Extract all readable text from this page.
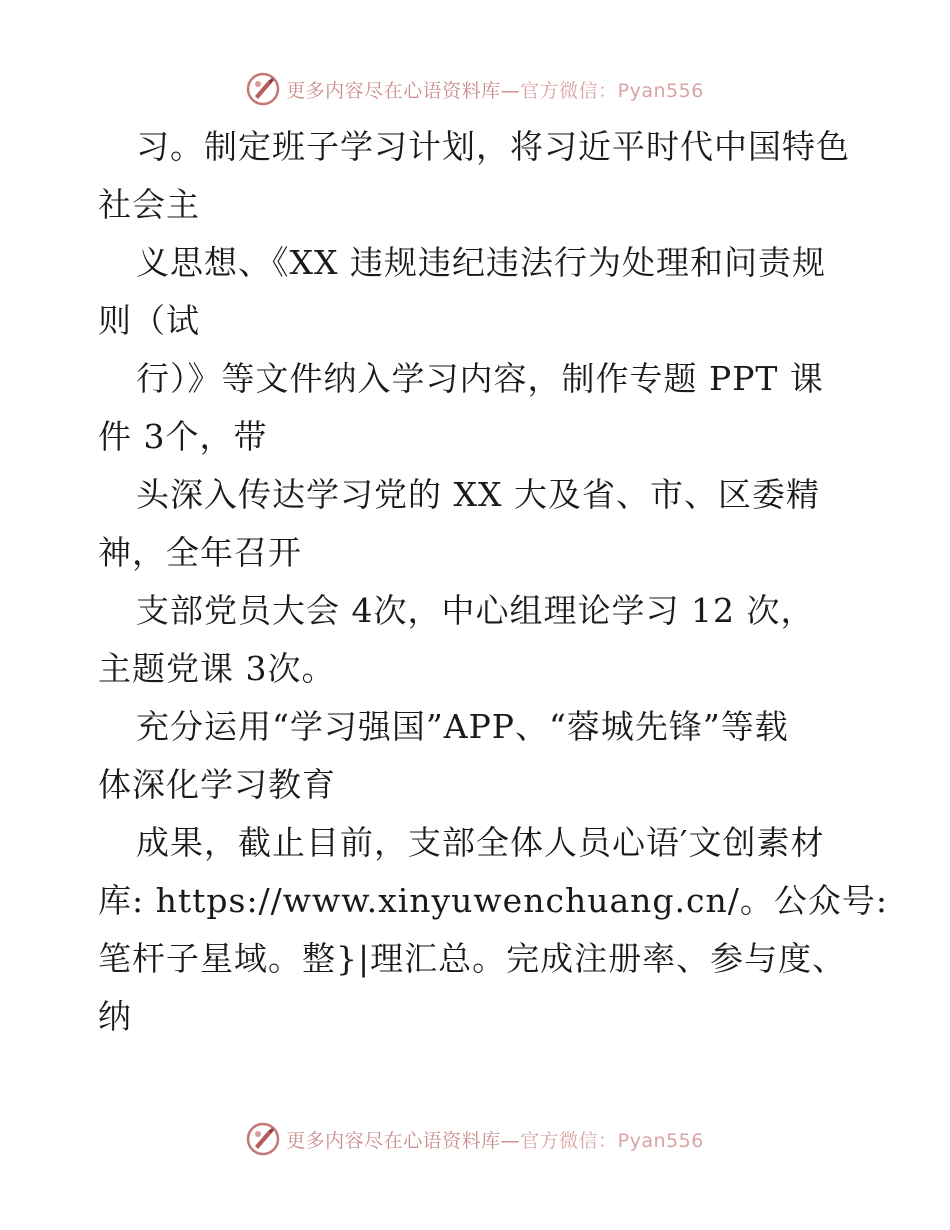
更多内容尽在心语资料库—官方微信：Pyan556
习。制定班子学习计划，将习近平时代中国特色
社会主
义思想、《XX 违规违纪违法行为处理和问责规
则（试
行）》等文件纳入学习内容，制作专题 PPT 课
件 3个，带
头深入传达学习党的 XX 大及省、市、区委精
神，全年召开
支部党员大会 4次，中心组理论学习 12 次，
主题党课 3次。
充分运用“学习强国”APP、“蓉城先锋”等载
体深化学习教育
成果，截止目前，支部全体人员心语′文创素材
库: https://www.xinyuwenchuang.cn/。公众号:
笔杆子星域。整}|理汇总。完成注册率、参与度、
纳
更多内容尽在心语资料库—官方微信：Pyan556
